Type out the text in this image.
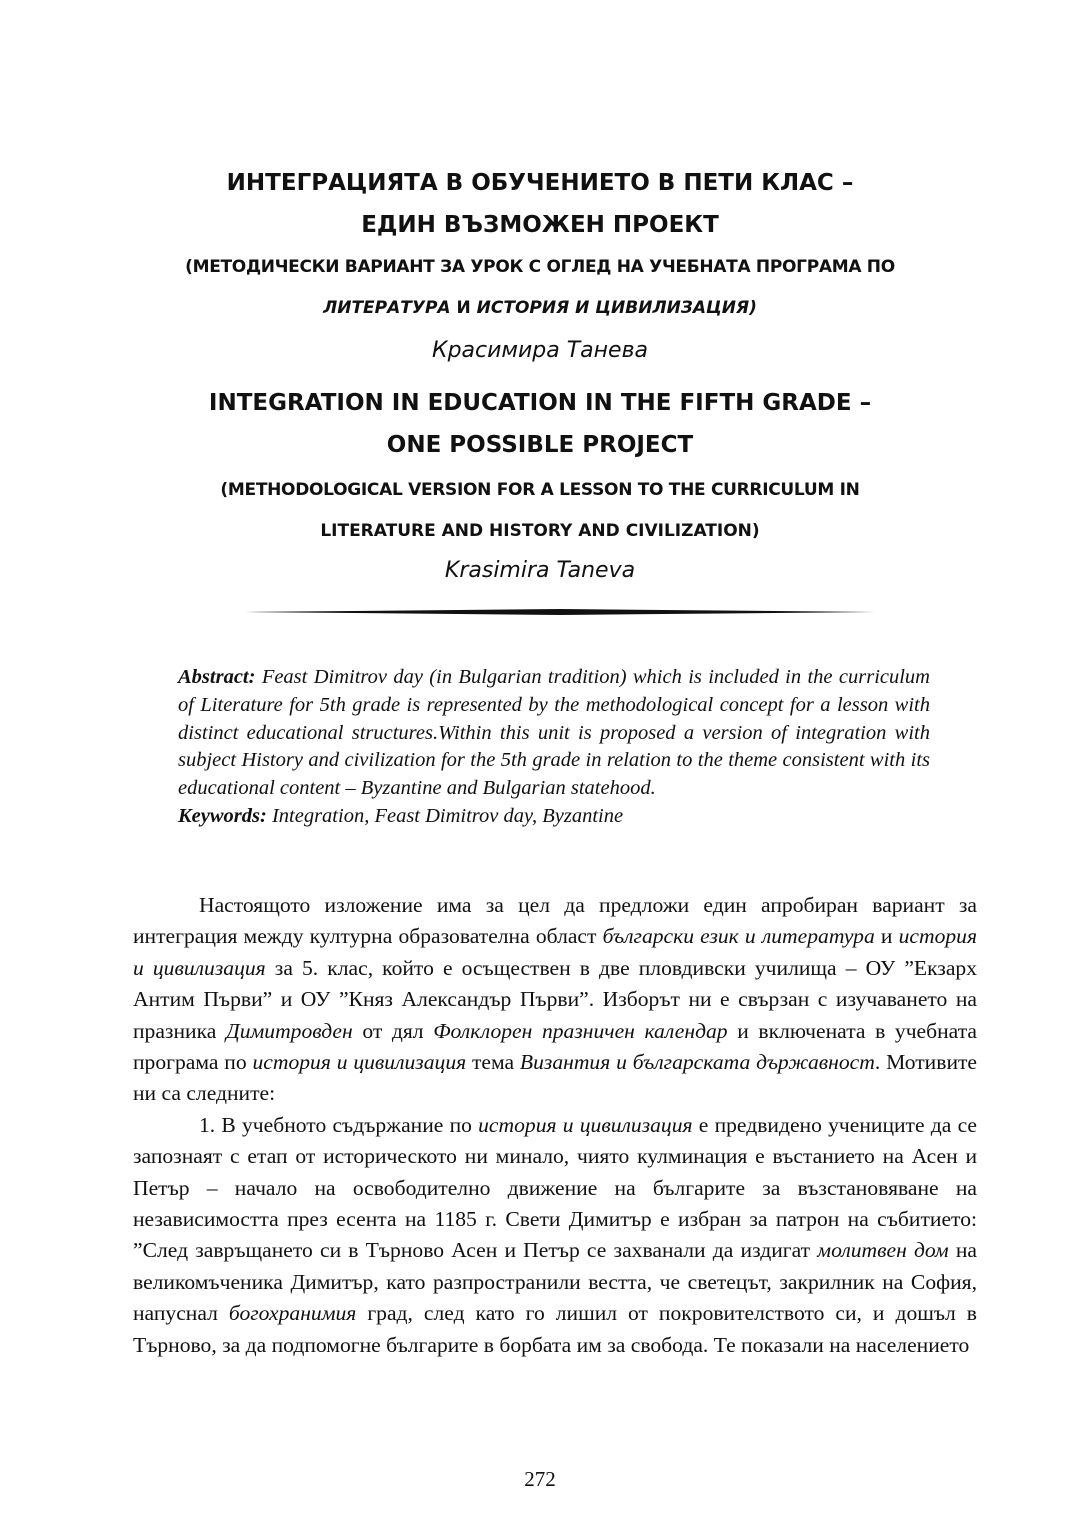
ИНТЕГРАЦИЯТА В ОБУЧЕНИЕТО В ПЕТИ КЛАС –
ЕДИН ВЪЗМОЖЕН ПРОЕКТ
(МЕТОДИЧЕСКИ ВАРИАНТ ЗА УРОК С ОГЛЕД НА УЧЕБНАТА ПРОГРАМА ПО
ЛИТЕРАТУРА И ИСТОРИЯ И ЦИВИЛИЗАЦИЯ)
Красимира Танева
INTEGRATION IN EDUCATION IN THE FIFTH GRADE –
ONE POSSIBLE PROJECT
(METHODOLOGICAL VERSION FOR A LESSON TO THE CURRICULUM IN
LITERATURE AND HISTORY AND CIVILIZATION)
Krasimira Taneva
Abstract: Feast Dimitrov day (in Bulgarian tradition) which is included in the curriculum of Literature for 5th grade is represented by the methodological concept for a lesson with distinct educational structures.Within this unit is proposed a version of integration with subject History and civilization for the 5th grade in relation to the theme consistent with its educational content – Byzantine and Bulgarian statehood.
Keywords: Integration, Feast Dimitrov day, Byzantine

Настоящото изложение има за цел да предложи един апробиран вариант за интеграция между културна образователна област български език и литература и история и цивилизация за 5. клас, който е осъществен в две пловдивски училища – ОУ ”Екзарх Антим Първи” и ОУ ”Княз Александър Първи”. Изборът ни е свързан с изучаването на празника Димитровден от дял Фолклорен празничен календар и включената в учебната програма по история и цивилизация тема Византия и българската държавност. Мотивите ни са следните:

1. В учебното съдържание по история и цивилизация е предвидено учениците да се запознаят с етап от историческото ни минало, чиято кулминация е въстанието на Асен и Петър – начало на освободително движение на българите за възстановяване на независимостта през есента на 1185 г. Свети Димитър е избран за патрон на събитието: ”След завръщането си в Търново Асен и Петър се захванали да издигат молитвен дом на великомъченика Димитър, като разпространили вестта, че светецът, закрилник на София, напуснал богохранимия град, след като го лишил от покровителството си, и дошъл в Търново, за да подпомогне българите в борбата им за свобода. Те показали на населението

272
